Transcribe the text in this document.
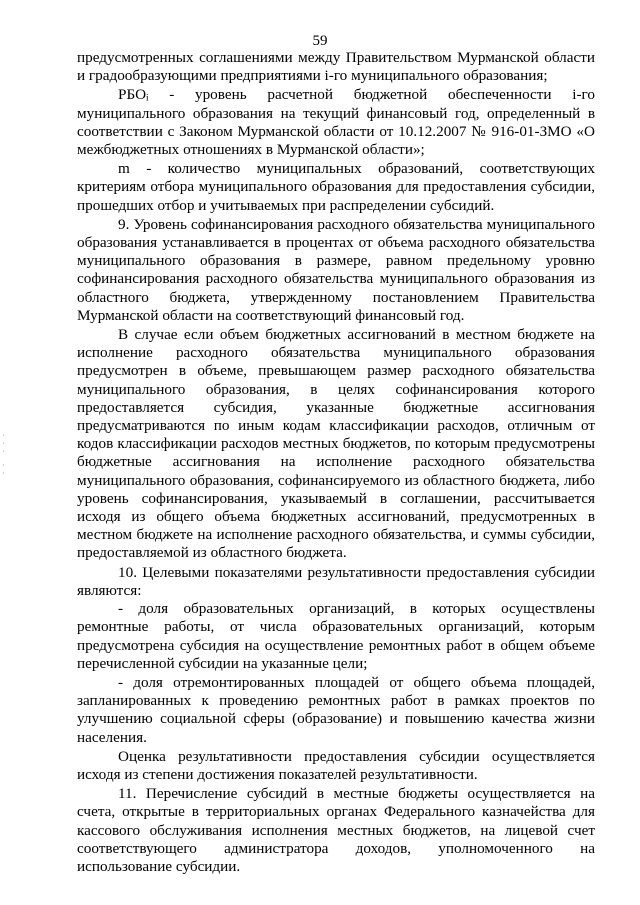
59
·
·
·
·
·

предусмотренных соглашениями между Правительством Мурманской области и градообразующими предприятиями i-го муниципального образования;

РБОᵢ - уровень расчетной бюджетной обеспеченности i-го муниципального образования на текущий финансовый год, определенный в соответствии с Законом Мурманской области от 10.12.2007 № 916-01-ЗМО «О межбюджетных отношениях в Мурманской области»;

m - количество муниципальных образований, соответствующих критериям отбора муниципального образования для предоставления субсидии, прошедших отбор и учитываемых при распределении субсидий.

9. Уровень софинансирования расходного обязательства муниципального образования устанавливается в процентах от объема расходного обязательства муниципального образования в размере, равном предельному уровню софинансирования расходного обязательства муниципального образования из областного бюджета, утвержденному постановлением Правительства Мурманской области на соответствующий финансовый год.

В случае если объем бюджетных ассигнований в местном бюджете на исполнение расходного обязательства муниципального образования предусмотрен в объеме, превышающем размер расходного обязательства муниципального образования, в целях софинансирования которого предоставляется субсидия, указанные бюджетные ассигнования предусматриваются по иным кодам классификации расходов, отличным от кодов классификации расходов местных бюджетов, по которым предусмотрены бюджетные ассигнования на исполнение расходного обязательства муниципального образования, софинансируемого из областного бюджета, либо уровень софинансирования, указываемый в соглашении, рассчитывается исходя из общего объема бюджетных ассигнований, предусмотренных в местном бюджете на исполнение расходного обязательства, и суммы субсидии, предоставляемой из областного бюджета.

10. Целевыми показателями результативности предоставления субсидии являются:

- доля образовательных организаций, в которых осуществлены ремонтные работы, от числа образовательных организаций, которым предусмотрена субсидия на осуществление ремонтных работ в общем объеме перечисленной субсидии на указанные цели;

- доля отремонтированных площадей от общего объема площадей, запланированных к проведению ремонтных работ в рамках проектов по улучшению социальной сферы (образование) и повышению качества жизни населения.

Оценка результативности предоставления субсидии осуществляется исходя из степени достижения показателей результативности.

11. Перечисление субсидий в местные бюджеты осуществляется на счета, открытые в территориальных органах Федерального казначейства для кассового обслуживания исполнения местных бюджетов, на лицевой счет соответствующего администратора доходов, уполномоченного на использование субсидии.
